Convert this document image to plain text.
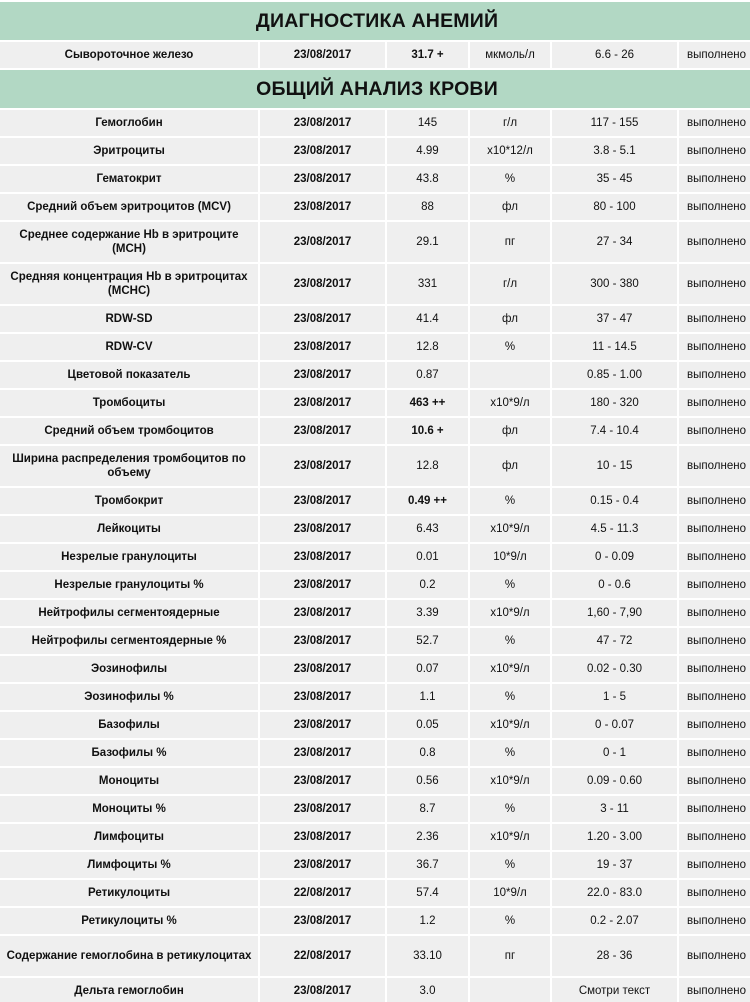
ДИАГНОСТИКА АНЕМИЙ					
Сывороточное железо	23/08/2017	31.7 +	мкмоль/л	6.6 - 26	выполнено
ОБЩИЙ АНАЛИЗ КРОВИ					
Гемоглобин	23/08/2017	145	г/л	117 - 155	выполнено
Эритроциты	23/08/2017	4.99	x10*12/л	3.8 - 5.1	выполнено
Гематокрит	23/08/2017	43.8	%	35 - 45	выполнено
Средний объем эритроцитов (MCV)	23/08/2017	88	фл	80 - 100	выполнено
Среднее содержание Hb в эритроците (MCH)	23/08/2017	29.1	пг	27 - 34	выполнено
Средняя концентрация Hb в эритроцитах (MCHC)	23/08/2017	331	г/л	300 - 380	выполнено
RDW-SD	23/08/2017	41.4	фл	37 - 47	выполнено
RDW-CV	23/08/2017	12.8	%	11 - 14.5	выполнено
Цветовой показатель	23/08/2017	0.87		0.85 - 1.00	выполнено
Тромбоциты	23/08/2017	463 ++	x10*9/л	180 - 320	выполнено
Средний объем тромбоцитов	23/08/2017	10.6 +	фл	7.4 - 10.4	выполнено
Ширина распределения тромбоцитов по объему	23/08/2017	12.8	фл	10 - 15	выполнено
Тромбокрит	23/08/2017	0.49 ++	%	0.15 - 0.4	выполнено
Лейкоциты	23/08/2017	6.43	x10*9/л	4.5 - 11.3	выполнено
Незрелые гранулоциты	23/08/2017	0.01	10*9/л	0 - 0.09	выполнено
Незрелые гранулоциты %	23/08/2017	0.2	%	0 - 0.6	выполнено
Нейтрофилы сегментоядерные	23/08/2017	3.39	x10*9/л	1,60 - 7,90	выполнено
Нейтрофилы сегментоядерные %	23/08/2017	52.7	%	47 - 72	выполнено
Эозинофилы	23/08/2017	0.07	x10*9/л	0.02 - 0.30	выполнено
Эозинофилы %	23/08/2017	1.1	%	1 - 5	выполнено
Базофилы	23/08/2017	0.05	x10*9/л	0 - 0.07	выполнено
Базофилы %	23/08/2017	0.8	%	0 - 1	выполнено
Моноциты	23/08/2017	0.56	x10*9/л	0.09 - 0.60	выполнено
Моноциты %	23/08/2017	8.7	%	3 - 11	выполнено
Лимфоциты	23/08/2017	2.36	x10*9/л	1.20 - 3.00	выполнено
Лимфоциты %	23/08/2017	36.7	%	19 - 37	выполнено
Ретикулоциты	22/08/2017	57.4	10*9/л	22.0 - 83.0	выполнено
Ретикулоциты %	23/08/2017	1.2	%	0.2 - 2.07	выполнено
Содержание гемоглобина в ретикулоцитах	22/08/2017	33.10	пг	28 - 36	выполнено
Дельта гемоглобин	23/08/2017	3.0		Смотри текст	выполнено
